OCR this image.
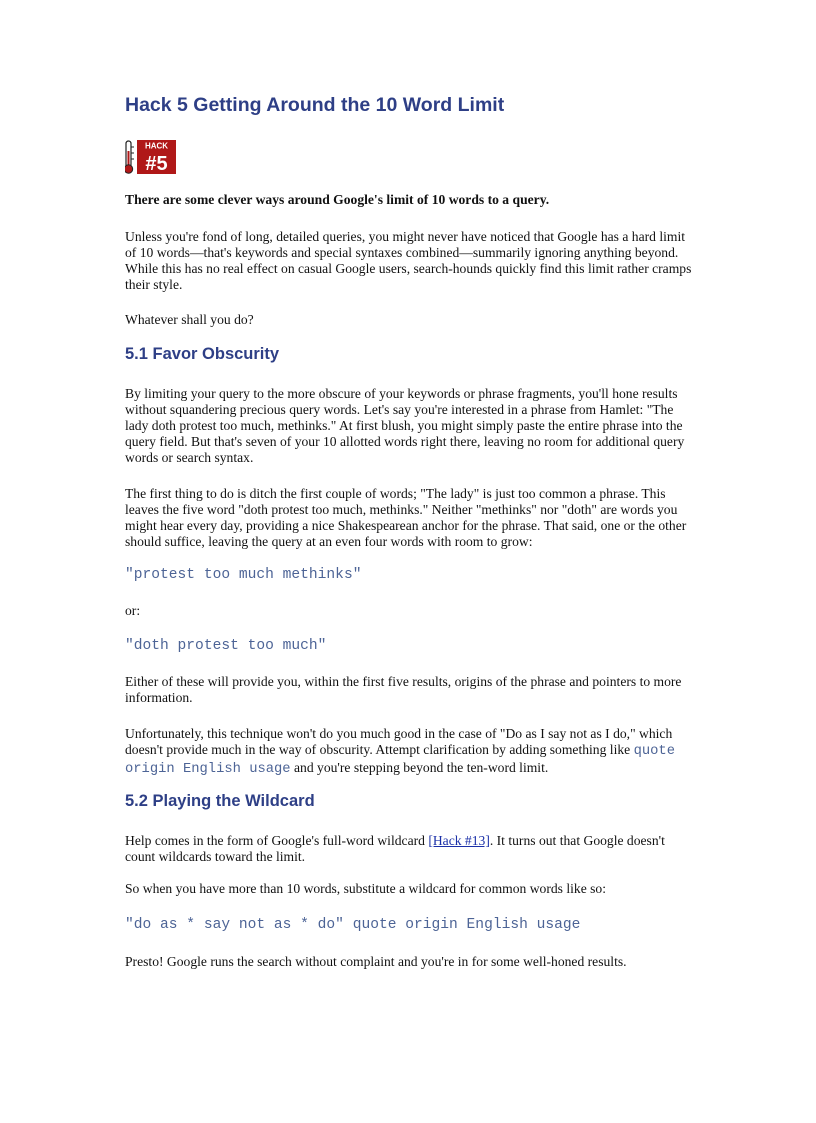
Hack 5 Getting Around the 10 Word Limit
HACK
#5

There are some clever ways around Google's limit of 10 words to a query.

Unless you're fond of long, detailed queries, you might never have noticed that Google has a hard limit of 10 words—that's keywords and special syntaxes combined—summarily ignoring anything beyond. While this has no real effect on casual Google users, search-hounds quickly find this limit rather cramps their style.

Whatever shall you do?

5.1 Favor Obscurity

By limiting your query to the more obscure of your keywords or phrase fragments, you'll hone results without squandering precious query words. Let's say you're interested in a phrase from Hamlet: "The lady doth protest too much, methinks." At first blush, you might simply paste the entire phrase into the query field. But that's seven of your 10 allotted words right there, leaving no room for additional query words or search syntax.

The first thing to do is ditch the first couple of words; "The lady" is just too common a phrase. This leaves the five word "doth protest too much, methinks." Neither "methinks" nor "doth" are words you might hear every day, providing a nice Shakespearean anchor for the phrase. That said, one or the other should suffice, leaving the query at an even four words with room to grow:

"protest too much methinks"

or:

"doth protest too much"

Either of these will provide you, within the first five results, origins of the phrase and pointers to more information.

Unfortunately, this technique won't do you much good in the case of "Do as I say not as I do," which doesn't provide much in the way of obscurity. Attempt clarification by adding something like quote origin English usage and you're stepping beyond the ten-word limit.

5.2 Playing the Wildcard

Help comes in the form of Google's full-word wildcard [Hack #13]. It turns out that Google doesn't count wildcards toward the limit.

So when you have more than 10 words, substitute a wildcard for common words like so:

"do as * say not as * do" quote origin English usage

Presto! Google runs the search without complaint and you're in for some well-honed results.
